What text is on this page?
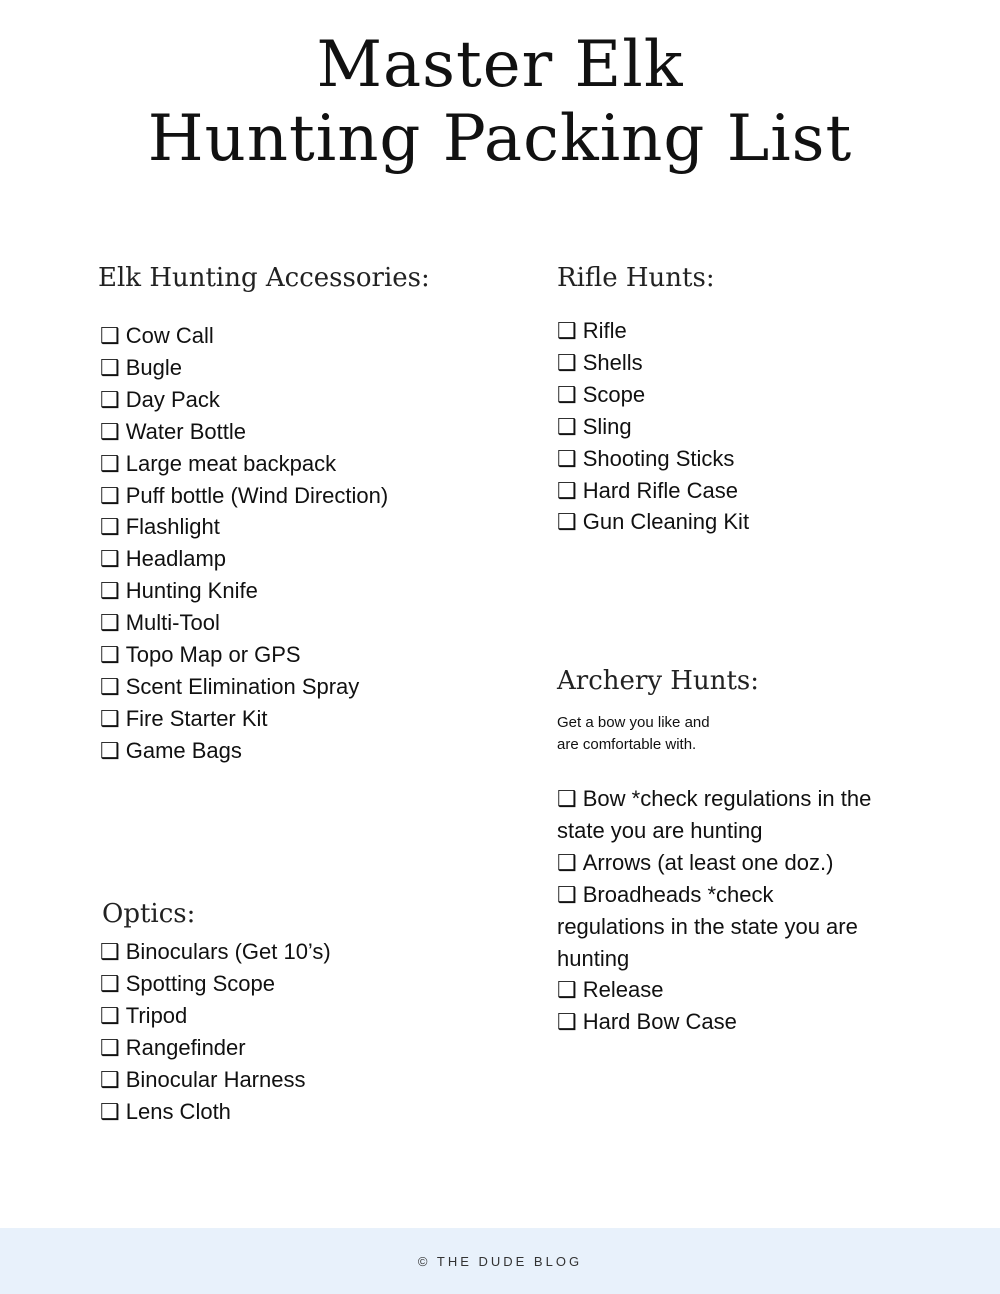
Master Elk
Hunting Packing List
Elk Hunting Accessories:
❑ Cow Call
❑ Bugle
❑ Day Pack
❑ Water Bottle
❑ Large meat backpack
❑ Puff bottle (Wind Direction)
❑ Flashlight
❑ Headlamp
❑ Hunting Knife
❑ Multi-Tool
❑ Topo Map or GPS
❑ Scent Elimination Spray
❑ Fire Starter Kit
❑ Game Bags
Optics:
❑ Binoculars (Get 10’s)
❑ Spotting Scope
❑ Tripod
❑ Rangefinder
❑ Binocular Harness
❑ Lens Cloth
Rifle Hunts:
❑ Rifle
❑ Shells
❑ Scope
❑ Sling
❑ Shooting Sticks
❑ Hard Rifle Case
❑ Gun Cleaning Kit
Archery Hunts:
Get a bow you like and
are comfortable with.
❑ Bow *check regulations in the state you are hunting
❑ Arrows (at least one doz.)
❑ Broadheads *check regulations in the state you are hunting
❑ Release
❑ Hard Bow Case
© THE DUDE BLOG
